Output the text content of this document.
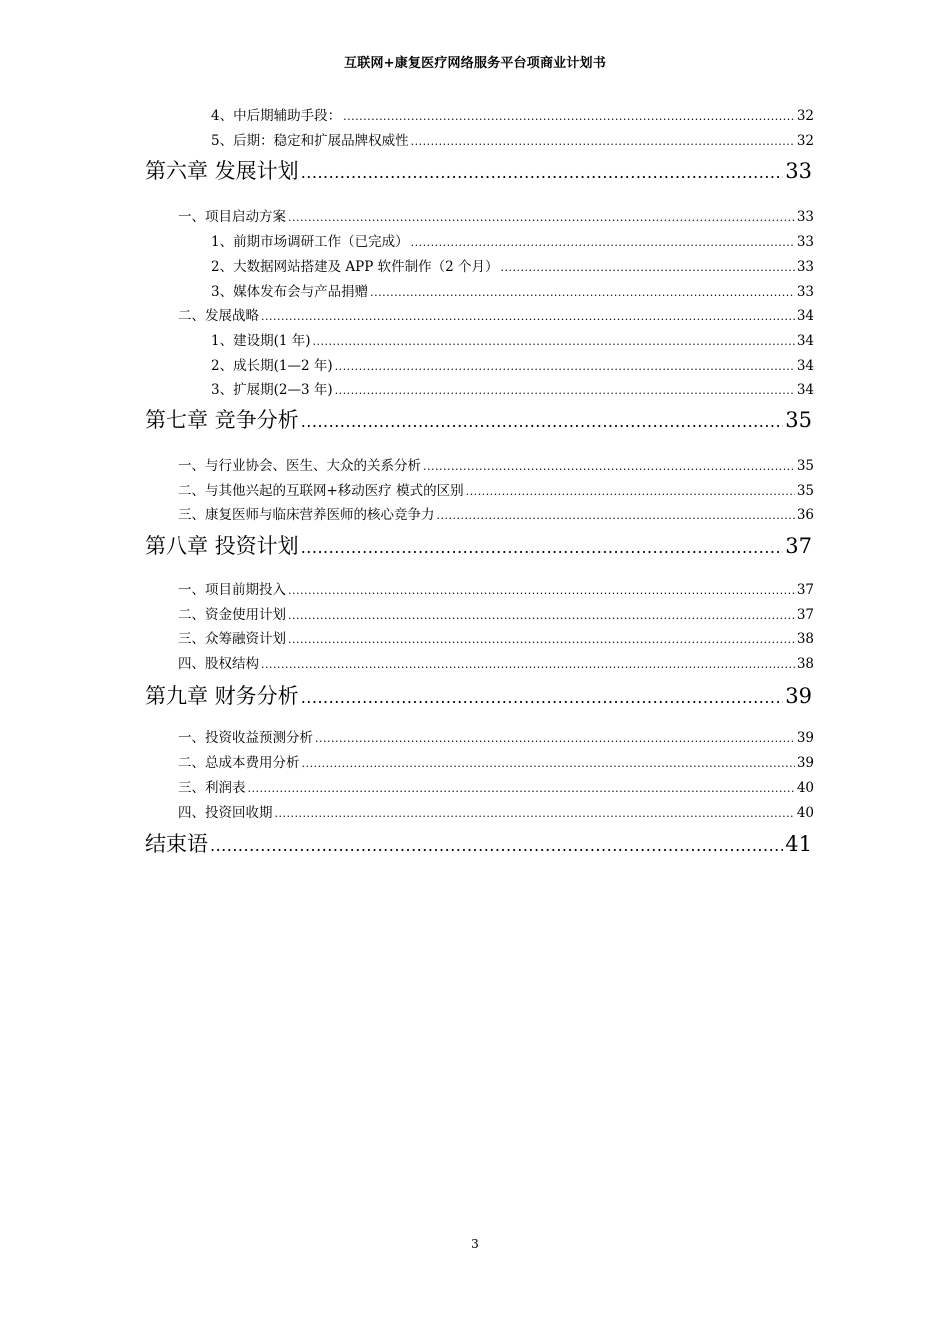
互联网+康复医疗网络服务平台项商业计划书
4、中后期辅助手段： .....	32
5、后期：稳定和扩展品牌权威性 .....	32
第六章 发展计划 .....	33
一、项目启动方案 .....	33
1、前期市场调研工作（已完成） .....	33
2、大数据网站搭建及 APP 软件制作（2 个月） .....	33
3、媒体发布会与产品捐赠 .....	33
二、发展战略 .....	34
1、建设期(1 年) .....	34
2、成长期(1—2 年) .....	34
3、扩展期(2—3 年) .....	34
第七章 竞争分析 .....	35
一、与行业协会、医生、大众的关系分析 .....	35
二、与其他兴起的互联网+移动医疗 模式的区别 .....	35
三、康复医师与临床营养医师的核心竞争力 .....	36
第八章 投资计划 .....	37
一、项目前期投入 .....	37
二、资金使用计划 .....	37
三、众筹融资计划 .....	38
四、股权结构 .....	38
第九章 财务分析 .....	39
一、投资收益预测分析 .....	39
二、总成本费用分析 .....	39
三、利润表 .....	40
四、投资回收期 .....	40
结束语 .....	41
3
